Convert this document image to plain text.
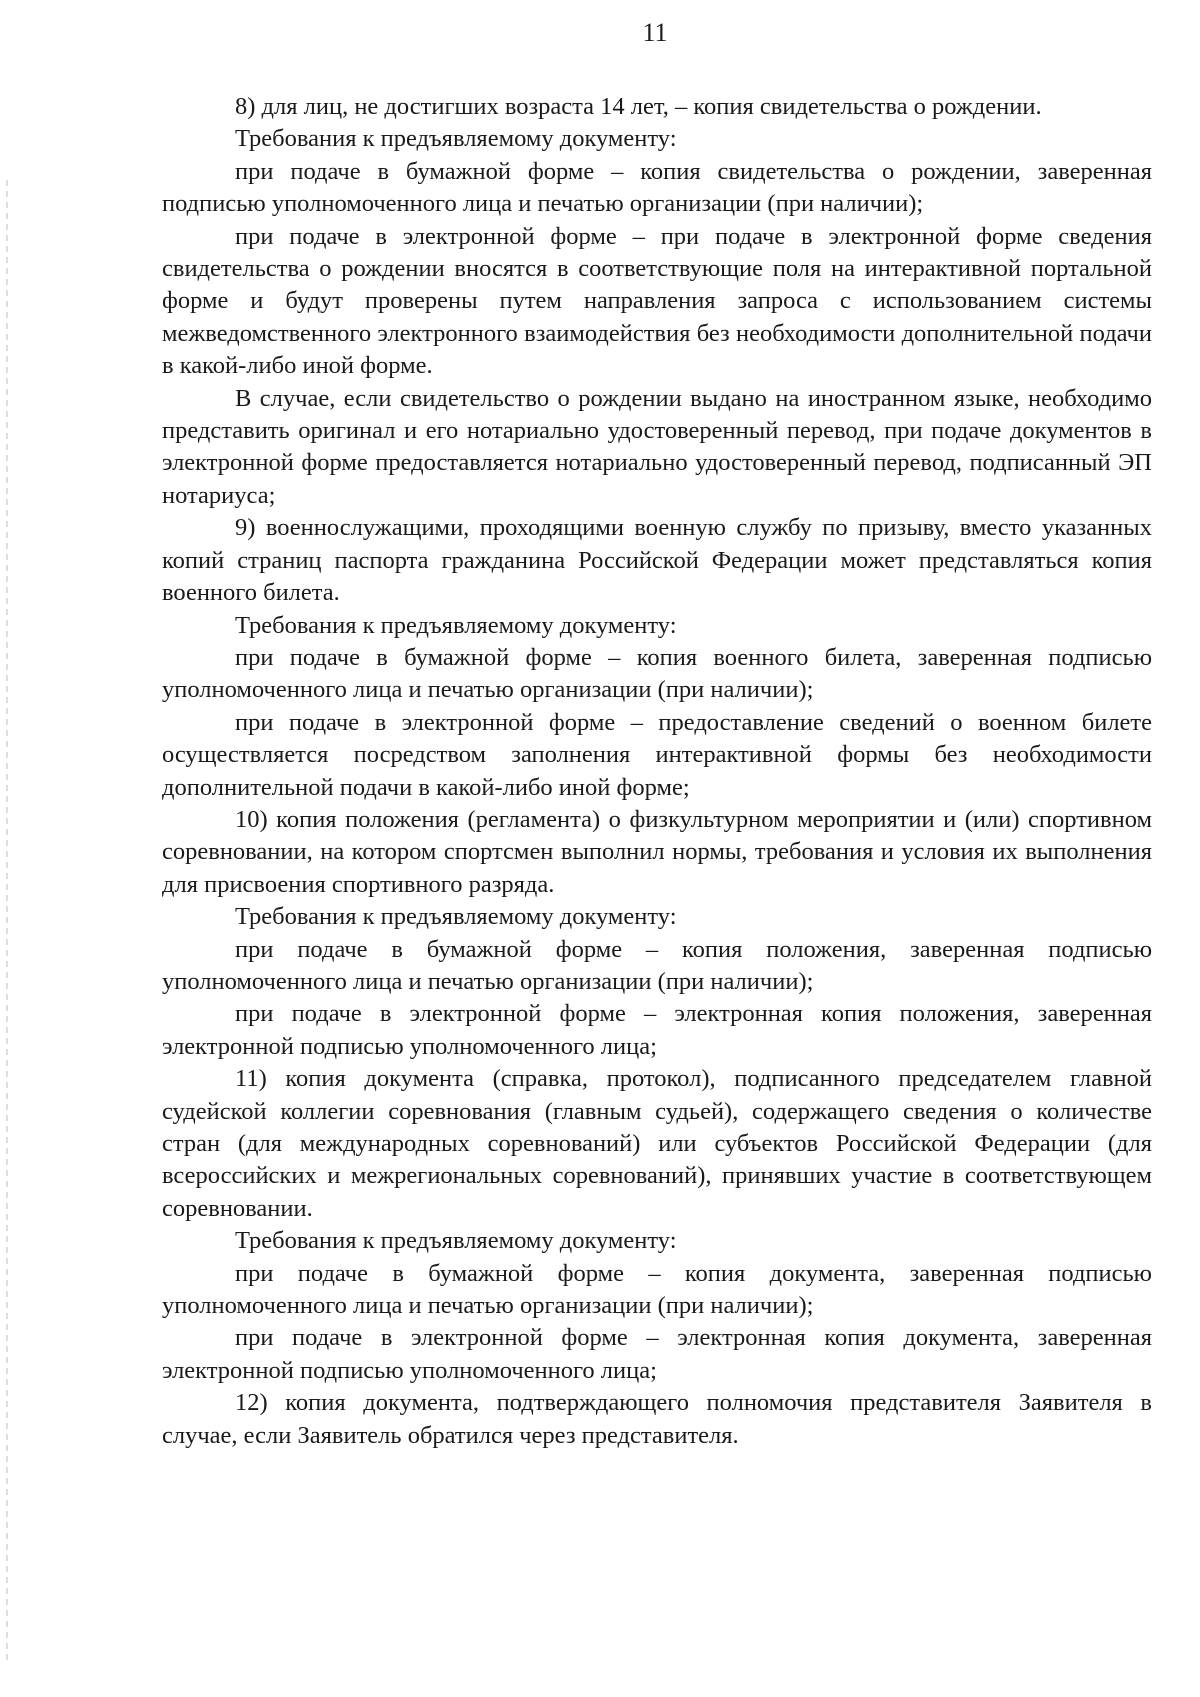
11

8) для лиц, не достигших возраста 14 лет, – копия свидетельства о рождении.

Требования к предъявляемому документу:

при подаче в бумажной форме – копия свидетельства о рождении, заверенная подписью уполномоченного лица и печатью организации (при наличии);

при подаче в электронной форме – при подаче в электронной форме сведения свидетельства о рождении вносятся в соответствующие поля на интерактивной портальной форме и будут проверены путем направления запроса с использованием системы межведомственного электронного взаимодействия без необходимости дополнительной подачи в какой-либо иной форме.

В случае, если свидетельство о рождении выдано на иностранном языке, необходимо представить оригинал и его нотариально удостоверенный перевод, при подаче документов в электронной форме предоставляется нотариально удостоверенный перевод, подписанный ЭП нотариуса;

9) военнослужащими, проходящими военную службу по призыву, вместо указанных копий страниц паспорта гражданина Российской Федерации может представляться копия военного билета.

Требования к предъявляемому документу:

при подаче в бумажной форме – копия военного билета, заверенная подписью уполномоченного лица и печатью организации (при наличии);

при подаче в электронной форме – предоставление сведений о военном билете осуществляется посредством заполнения интерактивной формы без необходимости дополнительной подачи в какой-либо иной форме;

10) копия положения (регламента) о физкультурном мероприятии и (или) спортивном соревновании, на котором спортсмен выполнил нормы, требования и условия их выполнения для присвоения спортивного разряда.

Требования к предъявляемому документу:

при подаче в бумажной форме – копия положения, заверенная подписью уполномоченного лица и печатью организации (при наличии);

при подаче в электронной форме – электронная копия положения, заверенная электронной подписью уполномоченного лица;

11) копия документа (справка, протокол), подписанного председателем главной судейской коллегии соревнования (главным судьей), содержащего сведения о количестве стран (для международных соревнований) или субъектов Российской Федерации (для всероссийских и межрегиональных соревнований), принявших участие в соответствующем соревновании.

Требования к предъявляемому документу:

при подаче в бумажной форме – копия документа, заверенная подписью уполномоченного лица и печатью организации (при наличии);

при подаче в электронной форме – электронная копия документа, заверенная электронной подписью уполномоченного лица;

12) копия документа, подтверждающего полномочия представителя Заявителя в случае, если Заявитель обратился через представителя.
